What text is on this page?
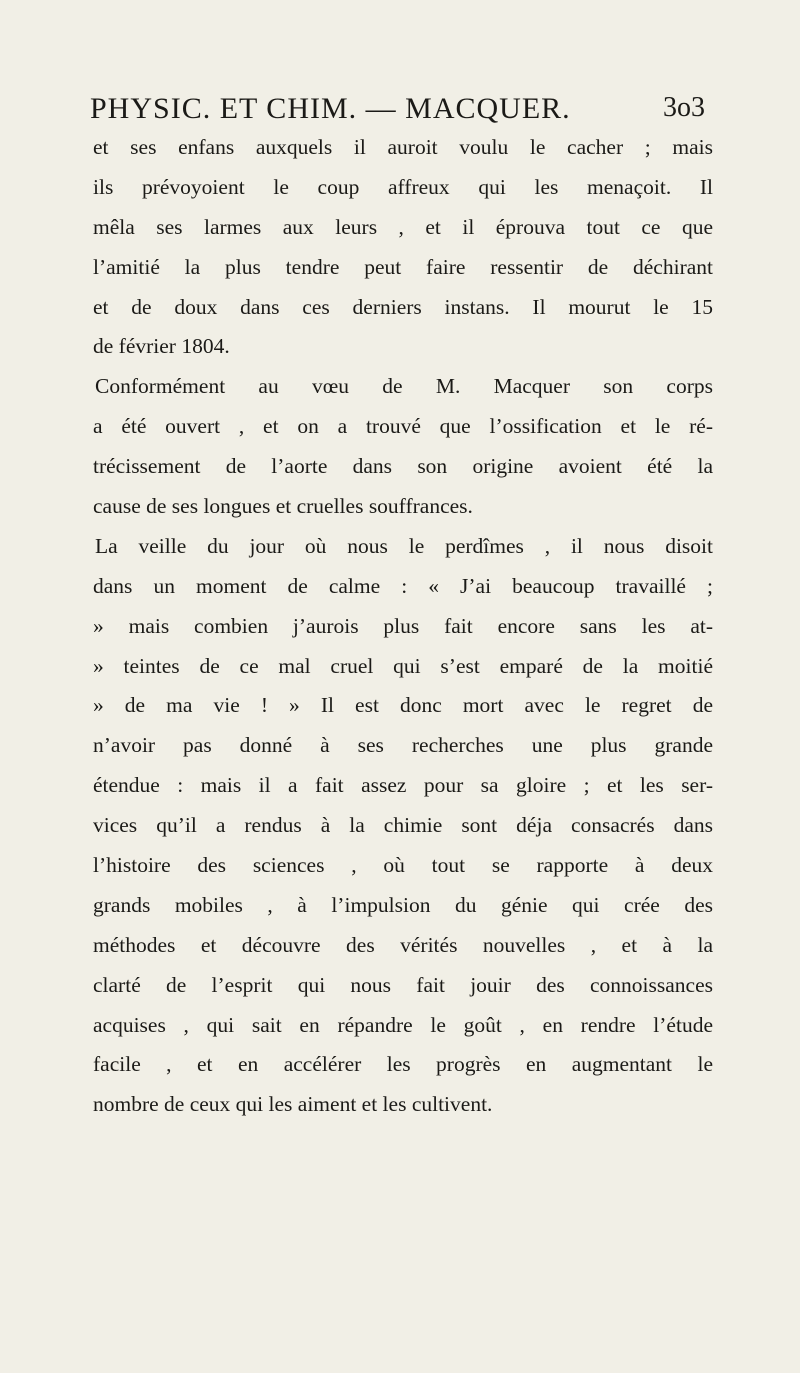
PHYSIC. ET CHIM. — MACQUER.	3o3
et ses enfans auxquels il auroit voulu le cacher ; mais
ils prévoyoient le coup affreux qui les menaçoit. Il
mêla ses larmes aux leurs , et il éprouva tout ce que
l’amitié la plus tendre peut faire ressentir de déchirant
et de doux dans ces derniers instans. Il mourut le 15
de février 1804.
Conformément au vœu de M. Macquer son corps
a été ouvert , et on a trouvé que l’ossification et le ré-
trécissement de l’aorte dans son origine avoient été la
cause de ses longues et cruelles souffrances.
La veille du jour où nous le perdîmes , il nous disoit
dans un moment de calme : « J’ai beaucoup travaillé ;
» mais combien j’aurois plus fait encore sans les at-
» teintes de ce mal cruel qui s’est emparé de la moitié
» de ma vie ! » Il est donc mort avec le regret de
n’avoir pas donné à ses recherches une plus grande
étendue : mais il a fait assez pour sa gloire ; et les ser-
vices qu’il a rendus à la chimie sont déja consacrés dans
l’histoire des sciences , où tout se rapporte à deux
grands mobiles , à l’impulsion du génie qui crée des
méthodes et découvre des vérités nouvelles , et à la
clarté de l’esprit qui nous fait jouir des connoissances
acquises , qui sait en répandre le goût , en rendre l’étude
facile , et en accélérer les progrès en augmentant le
nombre de ceux qui les aiment et les cultivent.
